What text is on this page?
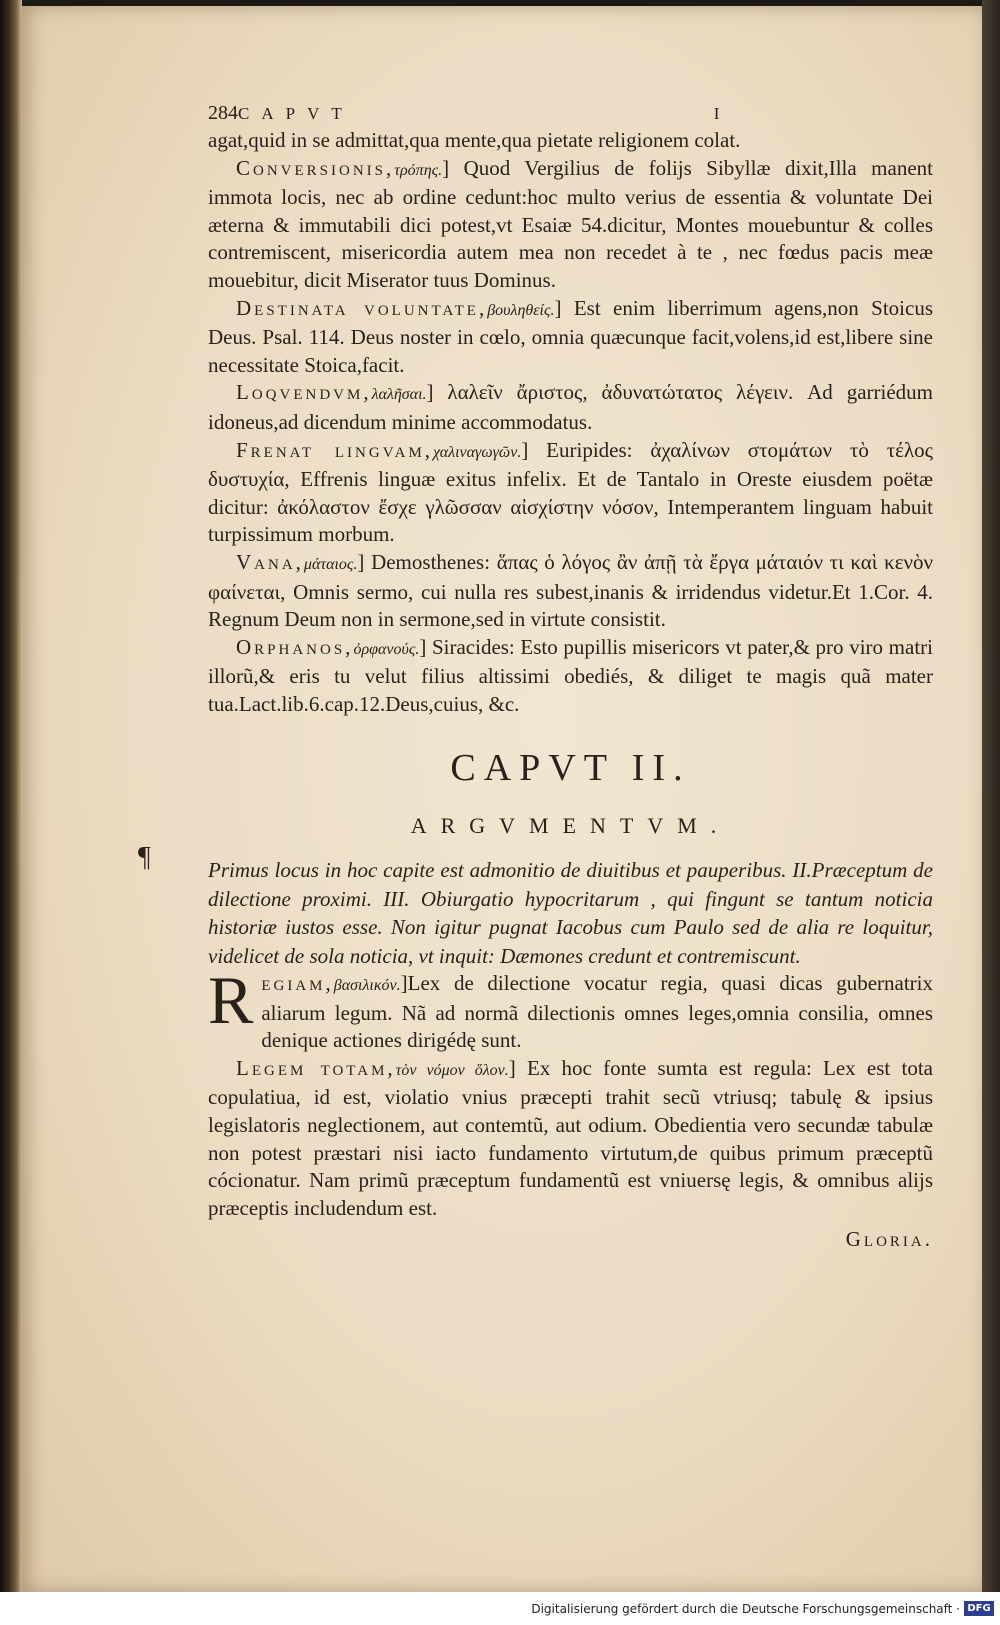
¶
284 CAPVT	I

agat,quid in se admittat,qua mente,qua pietate religionem colat.

Conversionis,τρόπης.] Quod Vergilius de folijs Sibyllæ dixit,Illa manent immota locis, nec ab ordine cedunt:hoc multo verius de essentia & voluntate Dei æterna & immutabili dici potest,vt Esaiæ 54.dicitur, Montes mouebuntur & colles contremiscent, misericordia autem mea non recedet à te , nec fœdus pacis meæ mouebitur, dicit Miserator tuus Dominus.

Destinata voluntate,βουληθείς.] Est enim liberrimum agens,non Stoicus Deus. Psal. 114. Deus noster in cœlo, omnia quæcunque facit,volens,id est,libere sine necessitate Stoica,facit.

Loqvendvm,λαλῆσαι.] λαλεῖν ἄριστος, ἀδυνατώτατος λέγειν. Ad garriédum idoneus,ad dicendum minime accommodatus.

Frenat lingvam,χαλιναγωγῶν.] Euripides: ἀχαλίνων στομάτων τὸ τέλος δυστυχία, Effrenis linguæ exitus infelix. Et de Tantalo in Oreste eiusdem poëtæ dicitur: ἀκόλαστον ἔσχε γλῶσσαν αἰσχίστην νόσον, Intemperantem linguam habuit turpissimum morbum.

Vana,μάταιος.] Demosthenes: ἅπας ὁ λόγος ἂν ἀπῇ τὰ ἔργα μάταιόν τι καὶ κενὸν φαίνεται, Omnis sermo, cui nulla res subest,inanis & irridendus videtur.Et 1.Cor. 4. Regnum Deum non in sermone,sed in virtute consistit.

Orphanos,ὀρφανούς.] Siracides: Esto pupillis misericors vt pater,& pro viro matri illorũ,& eris tu velut filius altissimi obediés, & diliget te magis quã mater tua.Lact.lib.6.cap.12.Deus,cuius, &c.

CAPVT II.
ARGVMENTVM.

Primus locus in hoc capite est admonitio de diuitibus et pauperibus. II.Præceptum de dilectione proximi. III. Obiurgatio hypocritarum , qui fingunt se tantum noticia historiæ iustos esse. Non igitur pugnat Iacobus cum Paulo sed de alia re loquitur, videlicet de sola noticia, vt inquit: Dæmones credunt et contremiscunt.

Regiam,βασιλικόν.]Lex de dilectione vocatur regia, quasi dicas gubernatrix aliarum legum. Nã ad normã dilectionis omnes leges,omnia consilia, omnes denique actiones dirigédę sunt.

Legem totam,τὸν νόμον ὅλον.] Ex hoc fonte sumta est regula: Lex est tota copulatiua, id est, violatio vnius præcepti trahit secũ vtriusq; tabulę & ipsius legislatoris neglectionem, aut contemtũ, aut odium. Obedientia vero secundæ tabulæ non potest præstari nisi iacto fundamento virtutum,de quibus primum præceptũ cócionatur. Nam primũ præceptum fundamentũ est vniuersę legis, & omnibus alijs præceptis includendum est.

Gloria.
Digitalisierung gefördert durch die Deutsche Forschungsgemeinschaft · DFG
